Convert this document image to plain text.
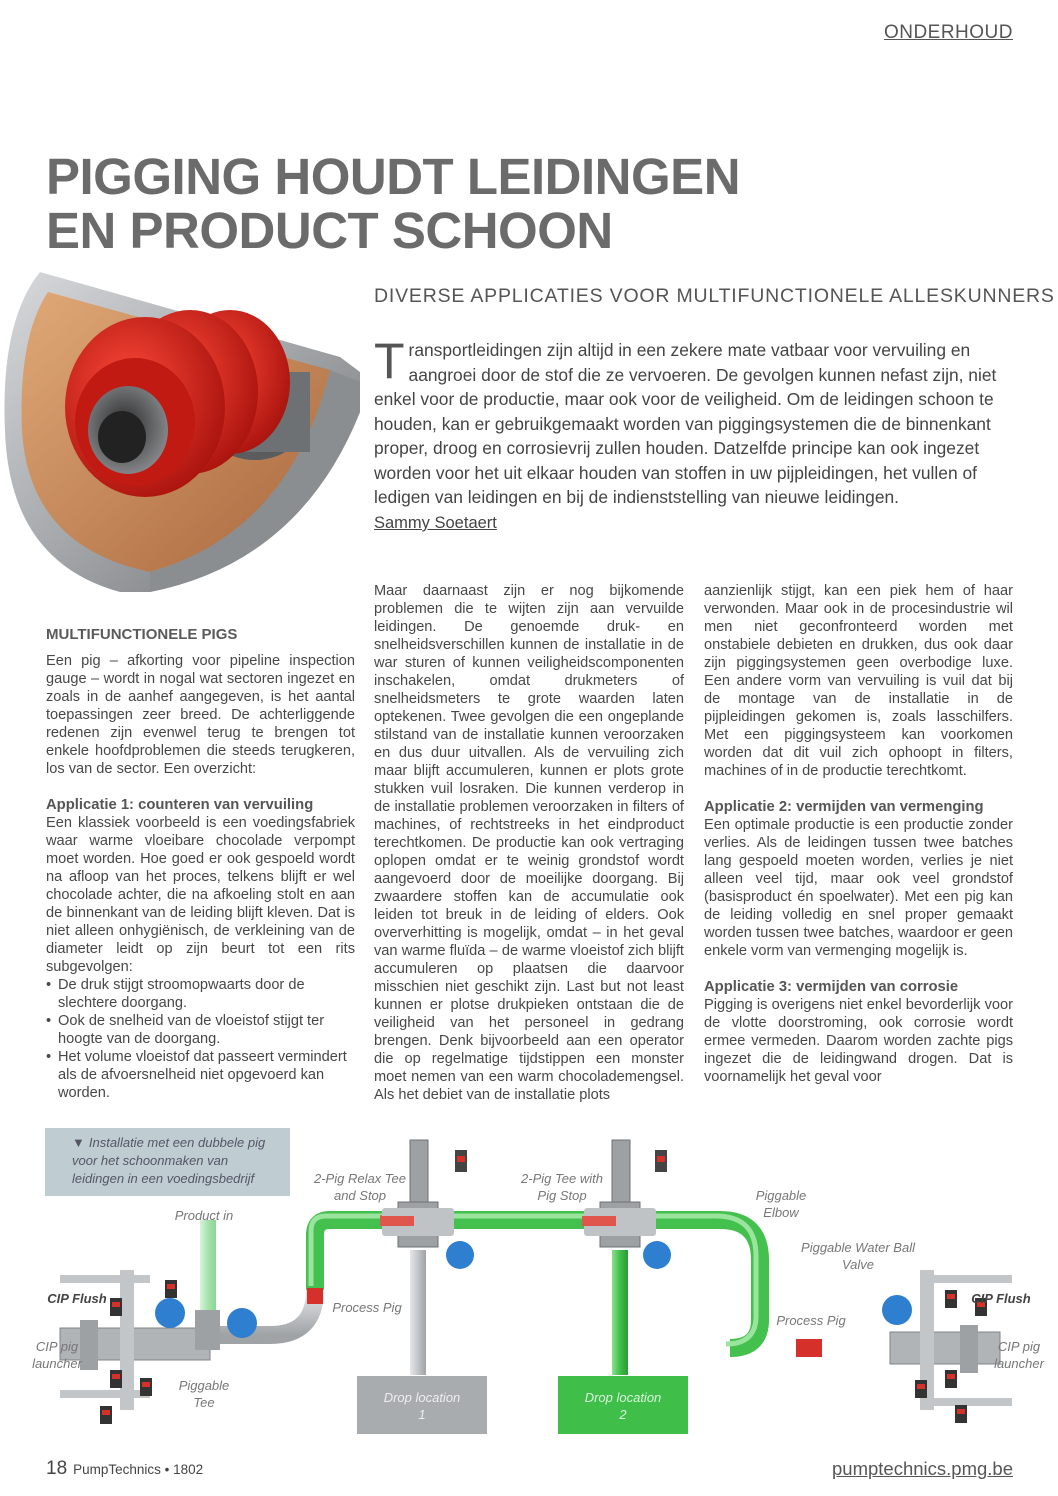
ONDERHOUD
PIGGING HOUDT LEIDINGEN
EN PRODUCT SCHOON
DIVERSE APPLICATIES VOOR MULTIFUNCTIONELE ALLESKUNNERS
Transportleidingen zijn altijd in een zekere mate vatbaar voor vervuiling en aangroei door de stof die ze vervoeren. De gevolgen kunnen nefast zijn, niet enkel voor de productie, maar ook voor de veiligheid. Om de leidingen schoon te houden, kan er gebruikgemaakt worden van piggingsystemen die de binnenkant proper, droog en corrosievrij zullen houden. Datzelfde principe kan ook ingezet worden voor het uit elkaar houden van stoffen in uw pijpleidingen, het vullen of ledigen van leidingen en bij de indienststelling van nieuwe leidingen.
Sammy Soetaert
MULTIFUNCTIONELE PIGS

Een pig – afkorting voor pipeline inspection gauge – wordt in nogal wat sectoren ingezet en zoals in de aanhef aangegeven, is het aantal toepassingen zeer breed. De achterliggende redenen zijn evenwel terug te brengen tot enkele hoofdproblemen die steeds terugkeren, los van de sector. Een overzicht:

Applicatie 1: counteren van vervuiling

Een klassiek voorbeeld is een voedingsfabriek waar warme vloeibare chocolade verpompt moet worden. Hoe goed er ook gespoeld wordt na afloop van het proces, telkens blijft er wel chocolade achter, die na afkoeling stolt en aan de binnenkant van de leiding blijft kleven. Dat is niet alleen onhygiënisch, de verkleining van de diameter leidt op zijn beurt tot een rits subgevolgen:

• De druk stijgt stroomopwaarts door de slechtere doorgang.
• Ook de snelheid van de vloeistof stijgt ter hoogte van de doorgang.
• Het volume vloeistof dat passeert vermindert als de afvoersnelheid niet opgevoerd kan worden.

Maar daarnaast zijn er nog bijkomende problemen die te wijten zijn aan vervuilde leidingen. De genoemde druk- en snelheidsverschillen kunnen de installatie in de war sturen of kunnen veiligheidscomponenten inschakelen, omdat drukmeters of snelheidsmeters te grote waarden laten optekenen. Twee gevolgen die een ongeplande stilstand van de installatie kunnen veroorzaken en dus duur uitvallen. Als de vervuiling zich maar blijft accumuleren, kunnen er plots grote stukken vuil losraken. Die kunnen verderop in de installatie problemen veroorzaken in filters of machines, of rechtstreeks in het eindproduct terechtkomen. De productie kan ook vertraging oplopen omdat er te weinig grondstof wordt aangevoerd door de moeilijke doorgang. Bij zwaardere stoffen kan de accumulatie ook leiden tot breuk in de leiding of elders. Ook oververhitting is mogelijk, omdat – in het geval van warme fluïda – de warme vloeistof zich blijft accumuleren op plaatsen die daarvoor misschien niet geschikt zijn. Last but not least kunnen er plotse drukpieken ontstaan die de veiligheid van het personeel in gedrang brengen. Denk bijvoorbeeld aan een operator die op regelmatige tijdstippen een monster moet nemen van een warm chocolademengsel. Als het debiet van de installatie plots

aanzienlijk stijgt, kan een piek hem of haar verwonden. Maar ook in de procesindustrie wil men niet geconfronteerd worden met onstabiele debieten en drukken, dus ook daar zijn piggingsystemen geen overbodige luxe. Een andere vorm van vervuiling is vuil dat bij de montage van de installatie in de pijpleidingen gekomen is, zoals lasschilfers. Met een piggingsysteem kan voorkomen worden dat dit vuil zich ophoopt in filters, machines of in de productie terechtkomt.

Applicatie 2: vermijden van vermenging

Een optimale productie is een productie zonder verlies. Als de leidingen tussen twee batches lang gespoeld moeten worden, verlies je niet alleen veel tijd, maar ook veel grondstof (basisproduct én spoelwater). Met een pig kan de leiding volledig en snel proper gemaakt worden tussen twee batches, waardoor er geen enkele vorm van vermenging mogelijk is.

Applicatie 3: vermijden van corrosie

Pigging is overigens niet enkel bevorderlijk voor de vlotte doorstroming, ook corrosie wordt ermee vermeden. Daarom worden zachte pigs ingezet die de leidingwand drogen. Dat is voornamelijk het geval voor

▼ Installatie met een dubbele pig voor het schoonmaken van leidingen in een voedingsbedrijf
Product in
2-Pig Relax Tee and Stop
2-Pig Tee with Pig Stop	Piggable Elbow
Piggable Water Ball Valve
CIP Flush	CIP Flush
CIP pig launcher
CIP pig launcher
Process Pig
Process Pig
Piggable Tee	Drop location 1
Drop location 2
18 PumpTechnics • 1802	pumptechnics.pmg.be
